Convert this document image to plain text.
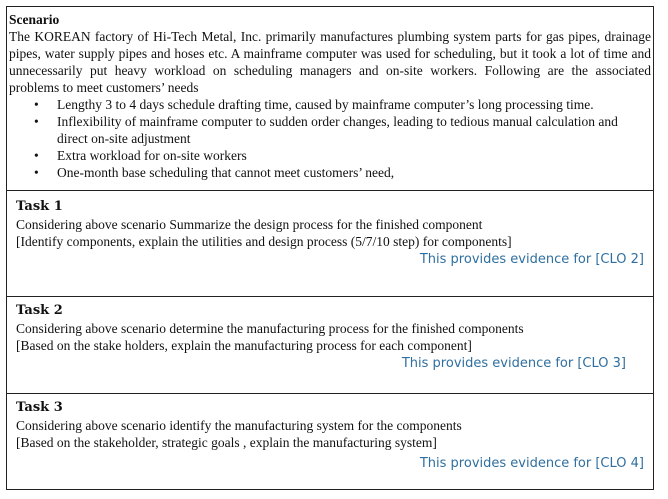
Scenario

The KOREAN factory of Hi-Tech Metal, Inc. primarily manufactures plumbing system parts for gas pipes, drainage pipes, water supply pipes and hoses etc. A mainframe computer was used for scheduling, but it took a lot of time and unnecessarily put heavy workload on scheduling managers and on-site workers. Following are the associated problems to meet customers’ needs

• Lengthy 3 to 4 days schedule drafting time, caused by mainframe computer’s long processing time.
• Inflexibility of mainframe computer to sudden order changes, leading to tedious manual calculation and direct on-site adjustment
• Extra workload for on-site workers
• One-month base scheduling that cannot meet customers’ need,
Task 1
Considering above scenario Summarize the design process for the finished component
[Identify components, explain the utilities and design process (5/7/10 step) for components]
This provides evidence for [CLO 2]
Task 2
Considering above scenario determine the manufacturing process for the finished components
[Based on the stake holders, explain the manufacturing process for each component]
This provides evidence for [CLO 3]
Task 3
Considering above scenario identify the manufacturing system for the components
[Based on the stakeholder, strategic goals , explain the manufacturing system]
This provides evidence for [CLO 4]
